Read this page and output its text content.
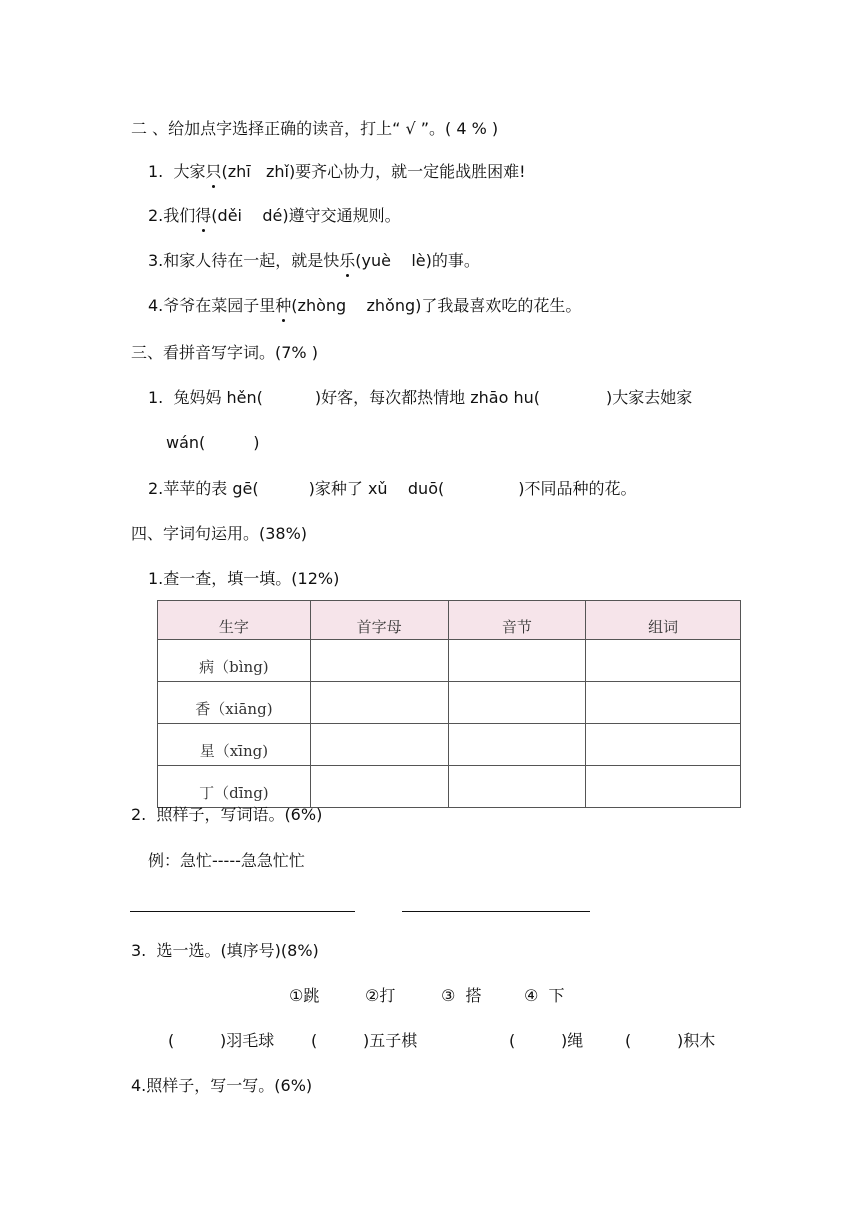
二 、给加点字选择正确的读音，打上“ √ ”。( 4 % )
1.  大家只(zhī   zhǐ)要齐心协力，就一定能战胜困难!
2.我们得(děi    dé)遵守交通规则。
3.和家人待在一起，就是快乐(yuè    lè)的事。
4.爷爷在菜园子里种(zhòng    zhǒng)了我最喜欢吃的花生。
三、看拼音写字词。(7% )
1.  兔妈妈 hěn(	)好客，每次都热情地 zhāo hu(	)大家去她家
wán(	)
2.苹苹的表 gē(	)家种了 xǔ    duō(	)不同品种的花。
四、字词句运用。(38%)
1.查一查，填一填。(12%)
生字	首字母	音节	组词
病（bìng)			
香（xiāng)			
星（xīng)			
丁（dīng)			
2.  照样子，写词语。(6%)
例：急忙-----急急忙忙
3.  选一选。(填序号)(8%)
①跳	②打	③  搭	④  下
(	)羽毛球 (	)五子棋	(	)绳	(	)积木
4.照样子，写一写。(6%)
